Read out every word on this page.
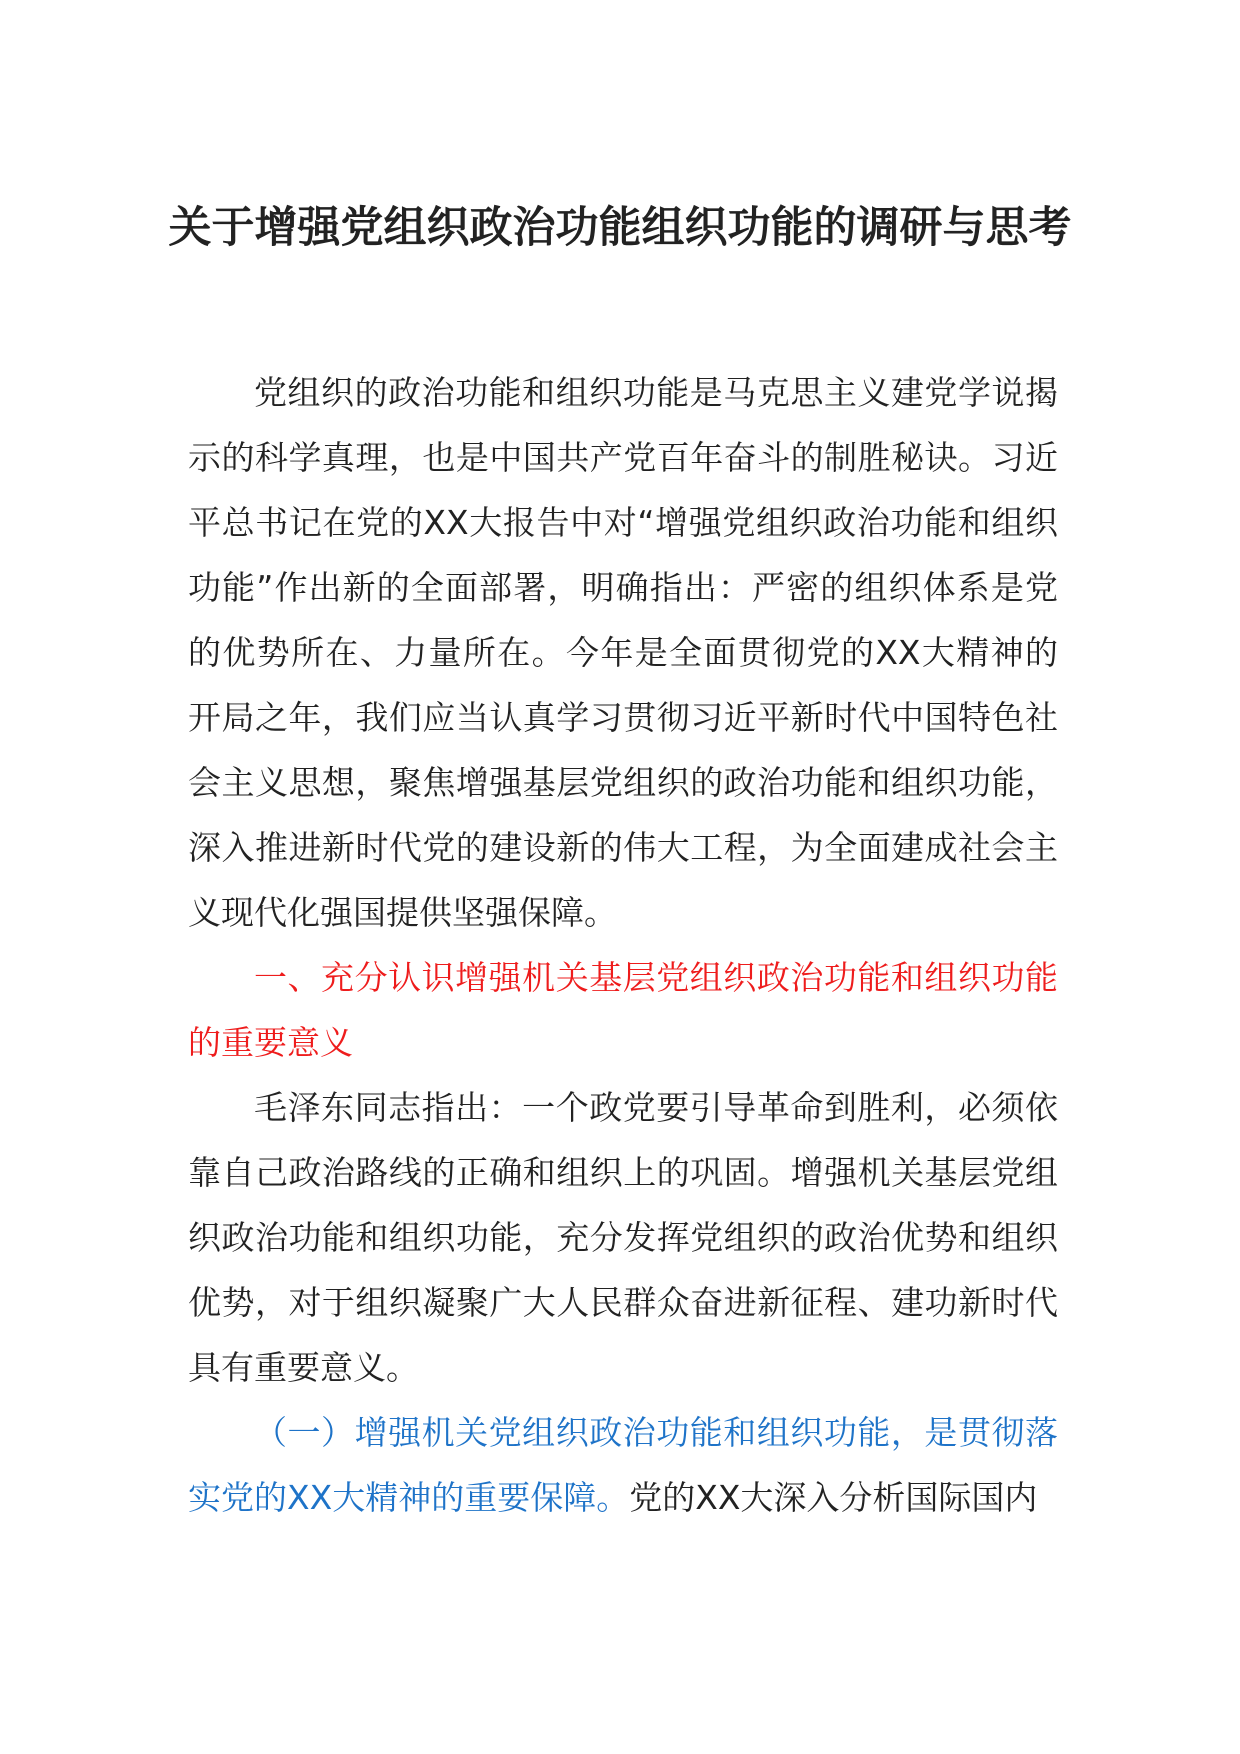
关于增强党组织政治功能组织功能的调研与思考

党组织的政治功能和组织功能是马克思主义建党学说揭示的科学真理，也是中国共产党百年奋斗的制胜秘诀。习近平总书记在党的XX大报告中对“增强党组织政治功能和组织功能”作出新的全面部署，明确指出：严密的组织体系是党的优势所在、力量所在。今年是全面贯彻党的XX大精神的开局之年，我们应当认真学习贯彻习近平新时代中国特色社会主义思想，聚焦增强基层党组织的政治功能和组织功能，深入推进新时代党的建设新的伟大工程，为全面建成社会主义现代化强国提供坚强保障。

一、充分认识增强机关基层党组织政治功能和组织功能的重要意义

毛泽东同志指出：一个政党要引导革命到胜利，必须依靠自己政治路线的正确和组织上的巩固。增强机关基层党组织政治功能和组织功能，充分发挥党组织的政治优势和组织优势，对于组织凝聚广大人民群众奋进新征程、建功新时代具有重要意义。

（一）增强机关党组织政治功能和组织功能，是贯彻落实党的XX大精神的重要保障。党的XX大深入分析国际国内
